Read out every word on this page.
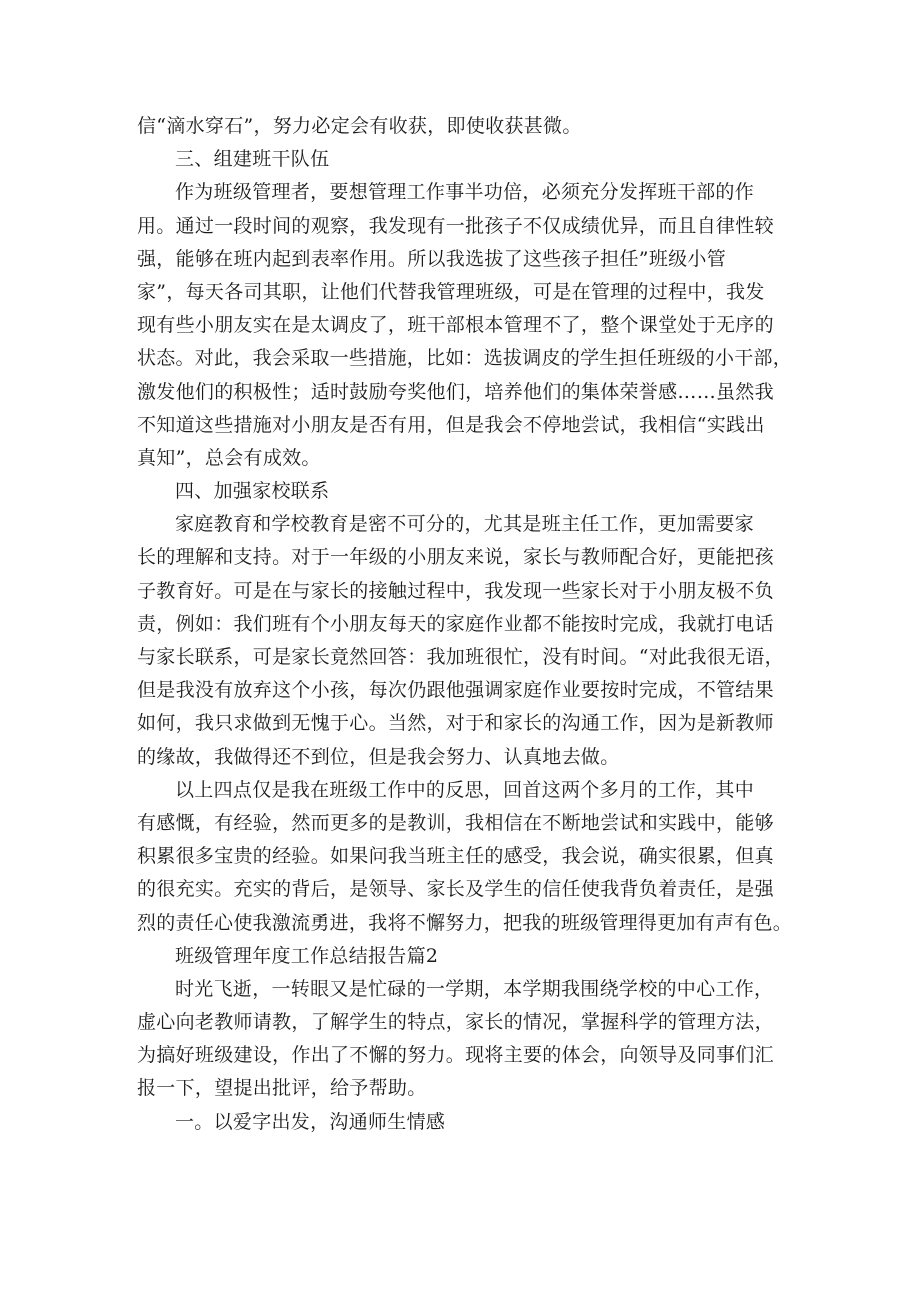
信“滴水穿石”，努力必定会有收获，即使收获甚微。
三、组建班干队伍
作为班级管理者，要想管理工作事半功倍，必须充分发挥班干部的作
用。通过一段时间的观察，我发现有一批孩子不仅成绩优异，而且自律性较
强，能够在班内起到表率作用。所以我选拔了这些孩子担任”班级小管
家”，每天各司其职，让他们代替我管理班级，可是在管理的过程中，我发
现有些小朋友实在是太调皮了，班干部根本管理不了，整个课堂处于无序的
状态。对此，我会采取一些措施，比如：选拔调皮的学生担任班级的小干部，
激发他们的积极性；适时鼓励夸奖他们，培养他们的集体荣誉感……虽然我
不知道这些措施对小朋友是否有用，但是我会不停地尝试，我相信“实践出
真知”，总会有成效。
四、加强家校联系
家庭教育和学校教育是密不可分的，尤其是班主任工作，更加需要家
长的理解和支持。对于一年级的小朋友来说，家长与教师配合好，更能把孩
子教育好。可是在与家长的接触过程中，我发现一些家长对于小朋友极不负
责，例如：我们班有个小朋友每天的家庭作业都不能按时完成，我就打电话
与家长联系，可是家长竟然回答：我加班很忙，没有时间。“对此我很无语，
但是我没有放弃这个小孩，每次仍跟他强调家庭作业要按时完成，不管结果
如何，我只求做到无愧于心。当然，对于和家长的沟通工作，因为是新教师
的缘故，我做得还不到位，但是我会努力、认真地去做。
以上四点仅是我在班级工作中的反思，回首这两个多月的工作，其中
有感慨，有经验，然而更多的是教训，我相信在不断地尝试和实践中，能够
积累很多宝贵的经验。如果问我当班主任的感受，我会说，确实很累，但真
的很充实。充实的背后，是领导、家长及学生的信任使我背负着责任，是强
烈的责任心使我激流勇进，我将不懈努力，把我的班级管理得更加有声有色。
班级管理年度工作总结报告篇2
时光飞逝，一转眼又是忙碌的一学期，本学期我围绕学校的中心工作，
虚心向老教师请教，了解学生的特点，家长的情况，掌握科学的管理方法，
为搞好班级建设，作出了不懈的努力。现将主要的体会，向领导及同事们汇
报一下，望提出批评，给予帮助。
一。以爱字出发，沟通师生情感
